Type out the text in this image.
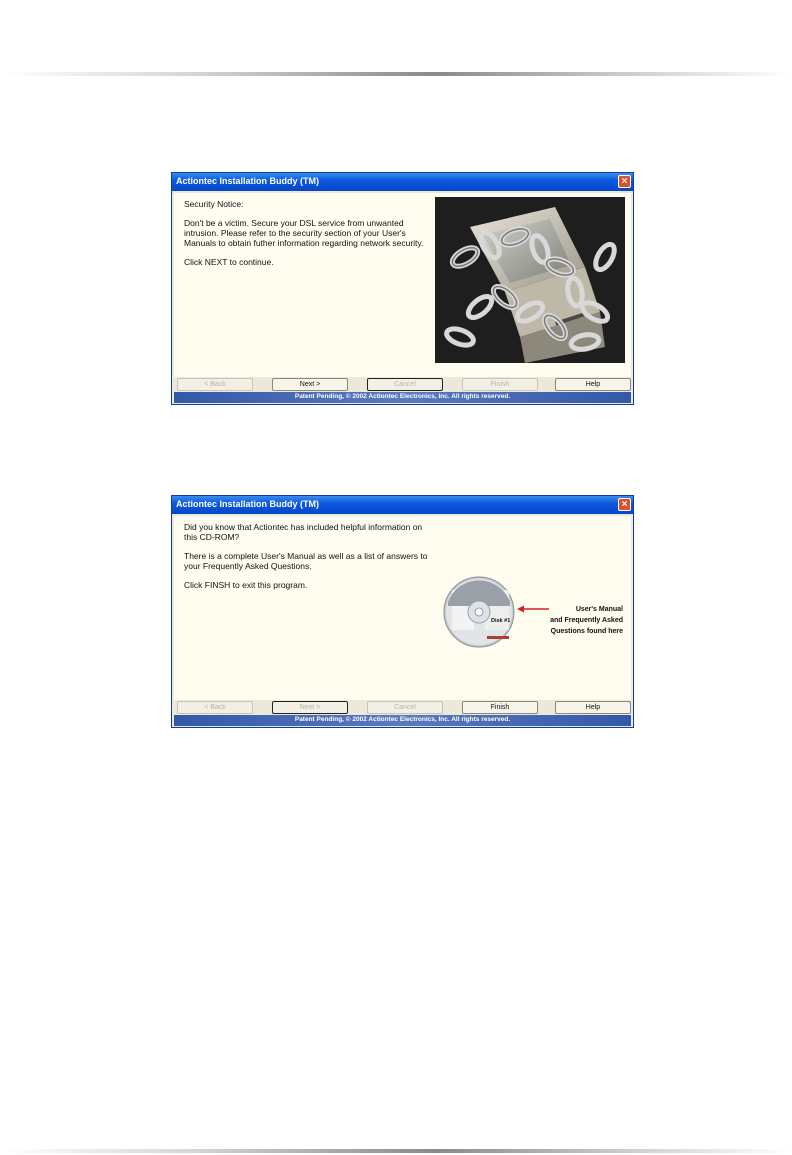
Actiontec Installation Buddy (TM)	×

Security Notice:

Don't be a victim. Secure your DSL service from unwanted intrusion. Please refer to the security section of your User's Manuals to obtain futher information regarding network security.

Click NEXT to continue.

< Back	Next >	Cancel	Finish	Help
Patent Pending, © 2002 Actiontec Electronics, Inc. All rights reserved.
Actiontec Installation Buddy (TM)	×

Did you know that Actiontec has included helpful information on this CD-ROM?

There is a complete User's Manual as well as a list of answers to your Frequently Asked Questions.

Click FINSH to exit this program.

Disk #1
User's Manual
and Frequently Asked
Questions found here
< Back	Next >	Cancel	Finish	Help
Patent Pending, © 2002 Actiontec Electronics, Inc. All rights reserved.
